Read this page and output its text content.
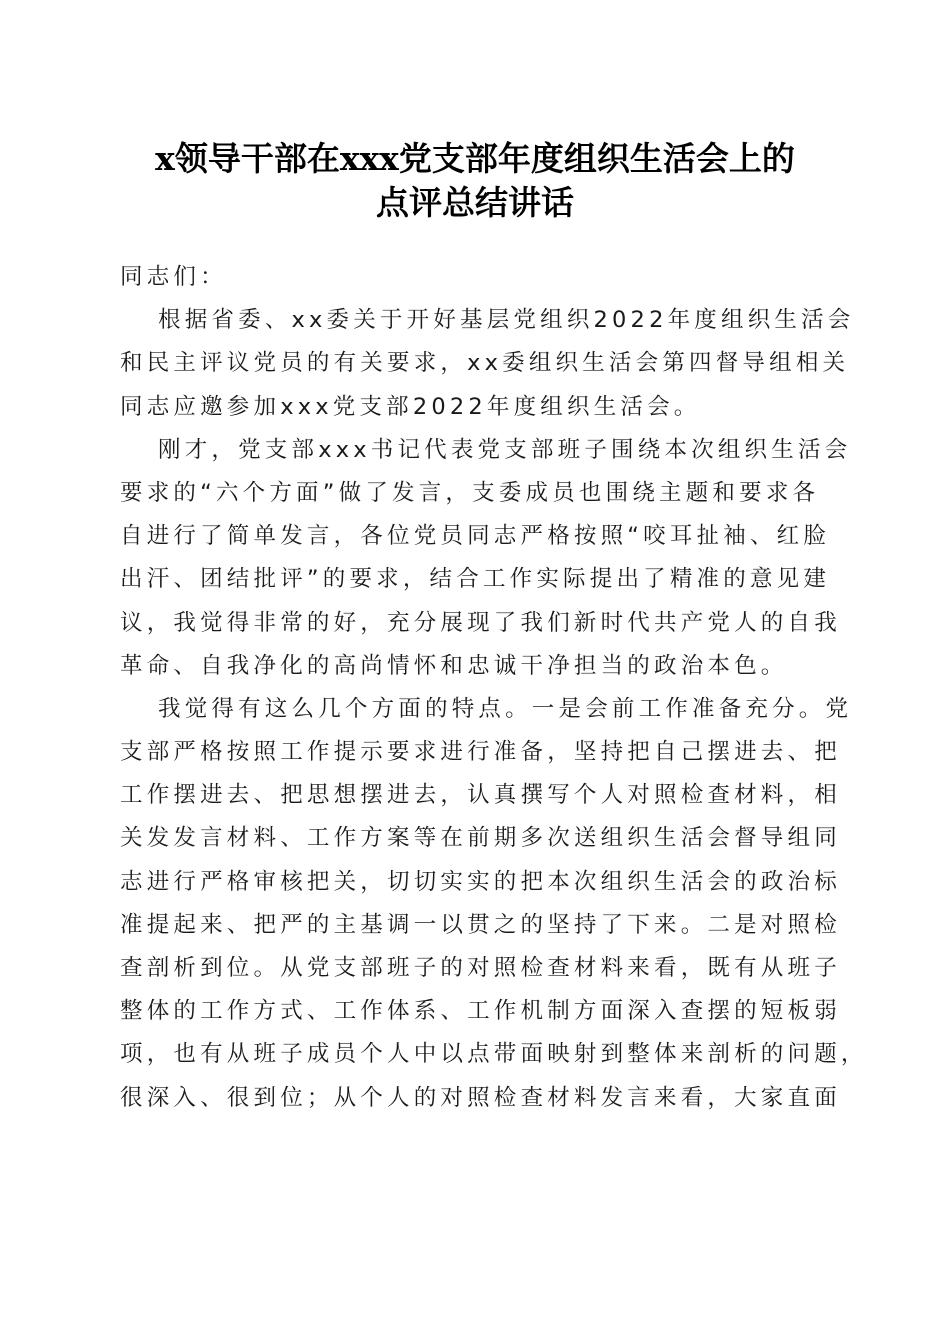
x领导干部在xxx党支部年度组织生活会上的
点评总结讲话
同志们：
根据省委、xx委关于开好基层党组织2022年度组织生活会
和民主评议党员的有关要求，xx委组织生活会第四督导组相关
同志应邀参加xxx党支部2022年度组织生活会。
刚才，党支部xxx书记代表党支部班子围绕本次组织生活会
要求的“六个方面”做了发言，支委成员也围绕主题和要求各
自进行了简单发言，各位党员同志严格按照“咬耳扯袖、红脸
出汗、团结批评”的要求，结合工作实际提出了精准的意见建
议，我觉得非常的好，充分展现了我们新时代共产党人的自我
革命、自我净化的高尚情怀和忠诚干净担当的政治本色。
我觉得有这么几个方面的特点。一是会前工作准备充分。党
支部严格按照工作提示要求进行准备，坚持把自己摆进去、把
工作摆进去、把思想摆进去，认真撰写个人对照检查材料，相
关发发言材料、工作方案等在前期多次送组织生活会督导组同
志进行严格审核把关，切切实实的把本次组织生活会的政治标
准提起来、把严的主基调一以贯之的坚持了下来。二是对照检
查剖析到位。从党支部班子的对照检查材料来看，既有从班子
整体的工作方式、工作体系、工作机制方面深入查摆的短板弱
项，也有从班子成员个人中以点带面映射到整体来剖析的问题，
很深入、很到位；从个人的对照检查材料发言来看，大家直面
